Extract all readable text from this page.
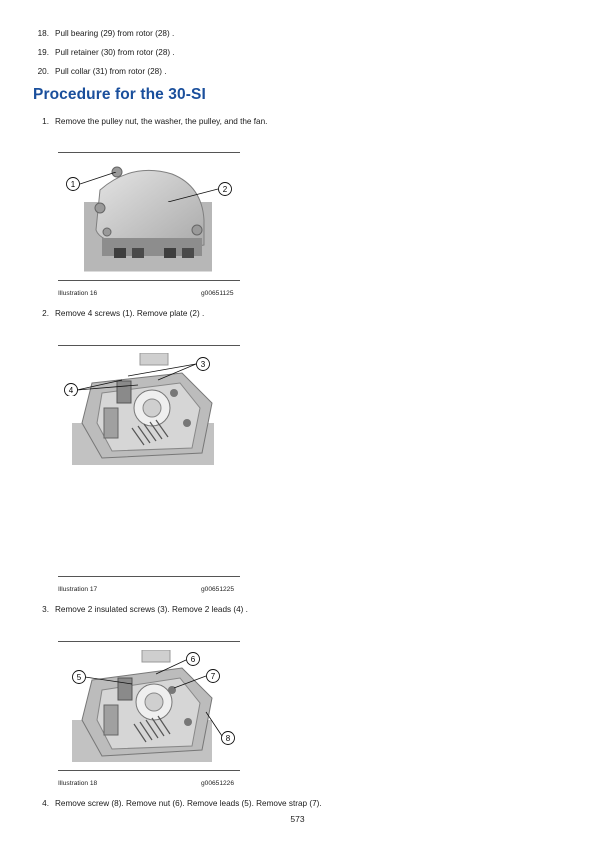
18. Pull bearing (29) from rotor (28) .
19. Pull retainer (30) from rotor (28) .
20. Pull collar (31) from rotor (28) .
Procedure for the 30-SI
1. Remove the pulley nut, the washer, the pulley, and the fan.
1
2
Illustration 16	g00651125
2. Remove 4 screws (1). Remove plate (2) .
3
4
Illustration 17	g00651225
3. Remove 2 insulated screws (3). Remove 2 leads (4) .
6
7
5
8
Illustration 18	g00651226
4. Remove screw (8). Remove nut (6). Remove leads (5). Remove strap (7).
573
